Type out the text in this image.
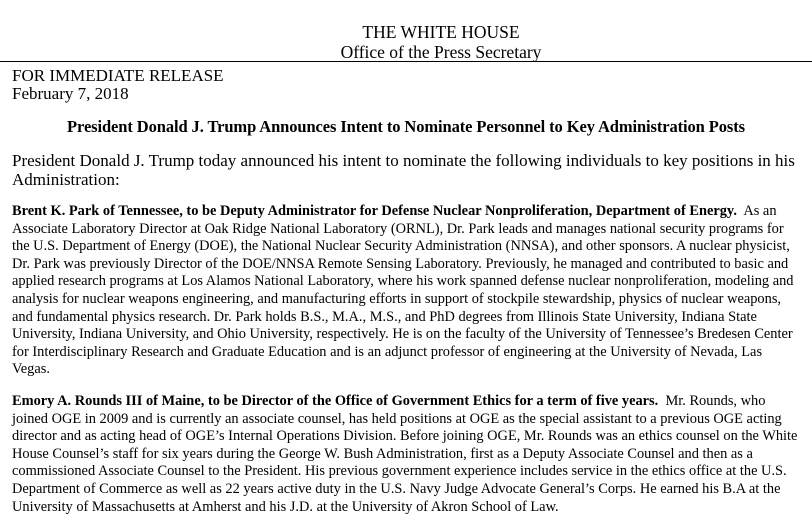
THE WHITE HOUSE
Office of the Press Secretary
FOR IMMEDIATE RELEASE
February 7, 2018
President Donald J. Trump Announces Intent to Nominate Personnel to Key Administration Posts
President Donald J. Trump today announced his intent to nominate the following individuals to key positions in his Administration:
Brent K. Park of Tennessee, to be Deputy Administrator for Defense Nuclear Nonproliferation, Department of Energy. As an Associate Laboratory Director at Oak Ridge National Laboratory (ORNL), Dr. Park leads and manages national security programs for the U.S. Department of Energy (DOE), the National Nuclear Security Administration (NNSA), and other sponsors. A nuclear physicist, Dr. Park was previously Director of the DOE/NNSA Remote Sensing Laboratory. Previously, he managed and contributed to basic and applied research programs at Los Alamos National Laboratory, where his work spanned defense nuclear nonproliferation, modeling and analysis for nuclear weapons engineering, and manufacturing efforts in support of stockpile stewardship, physics of nuclear weapons, and fundamental physics research. Dr. Park holds B.S., M.A., M.S., and PhD degrees from Illinois State University, Indiana State University, Indiana University, and Ohio University, respectively. He is on the faculty of the University of Tennessee’s Bredesen Center for Interdisciplinary Research and Graduate Education and is an adjunct professor of engineering at the University of Nevada, Las Vegas.
Emory A. Rounds III of Maine, to be Director of the Office of Government Ethics for a term of five years. Mr. Rounds, who joined OGE in 2009 and is currently an associate counsel, has held positions at OGE as the special assistant to a previous OGE acting director and as acting head of OGE’s Internal Operations Division. Before joining OGE, Mr. Rounds was an ethics counsel on the White House Counsel’s staff for six years during the George W. Bush Administration, first as a Deputy Associate Counsel and then as a commissioned Associate Counsel to the President. His previous government experience includes service in the ethics office at the U.S. Department of Commerce as well as 22 years active duty in the U.S. Navy Judge Advocate General’s Corps. He earned his B.A at the University of Massachusetts at Amherst and his J.D. at the University of Akron School of Law.
